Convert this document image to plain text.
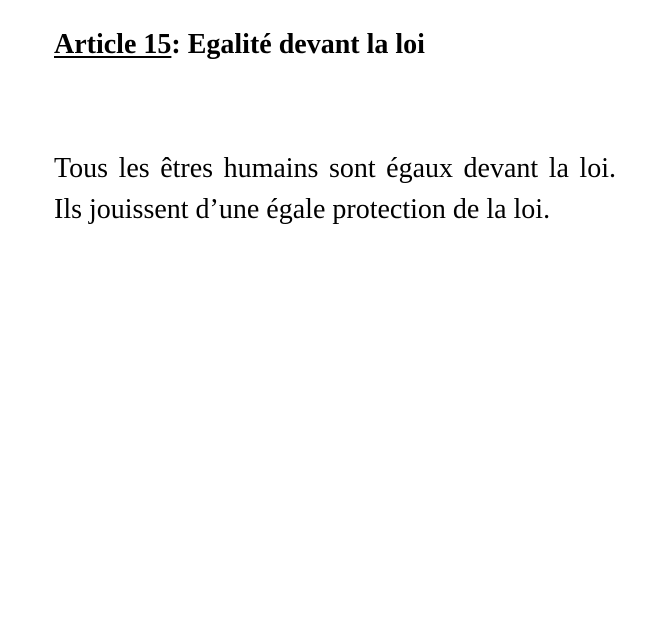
Article 15: Egalité devant la loi

Tous les êtres humains sont égaux devant la loi. Ils jouissent d’une égale protection de la loi.
